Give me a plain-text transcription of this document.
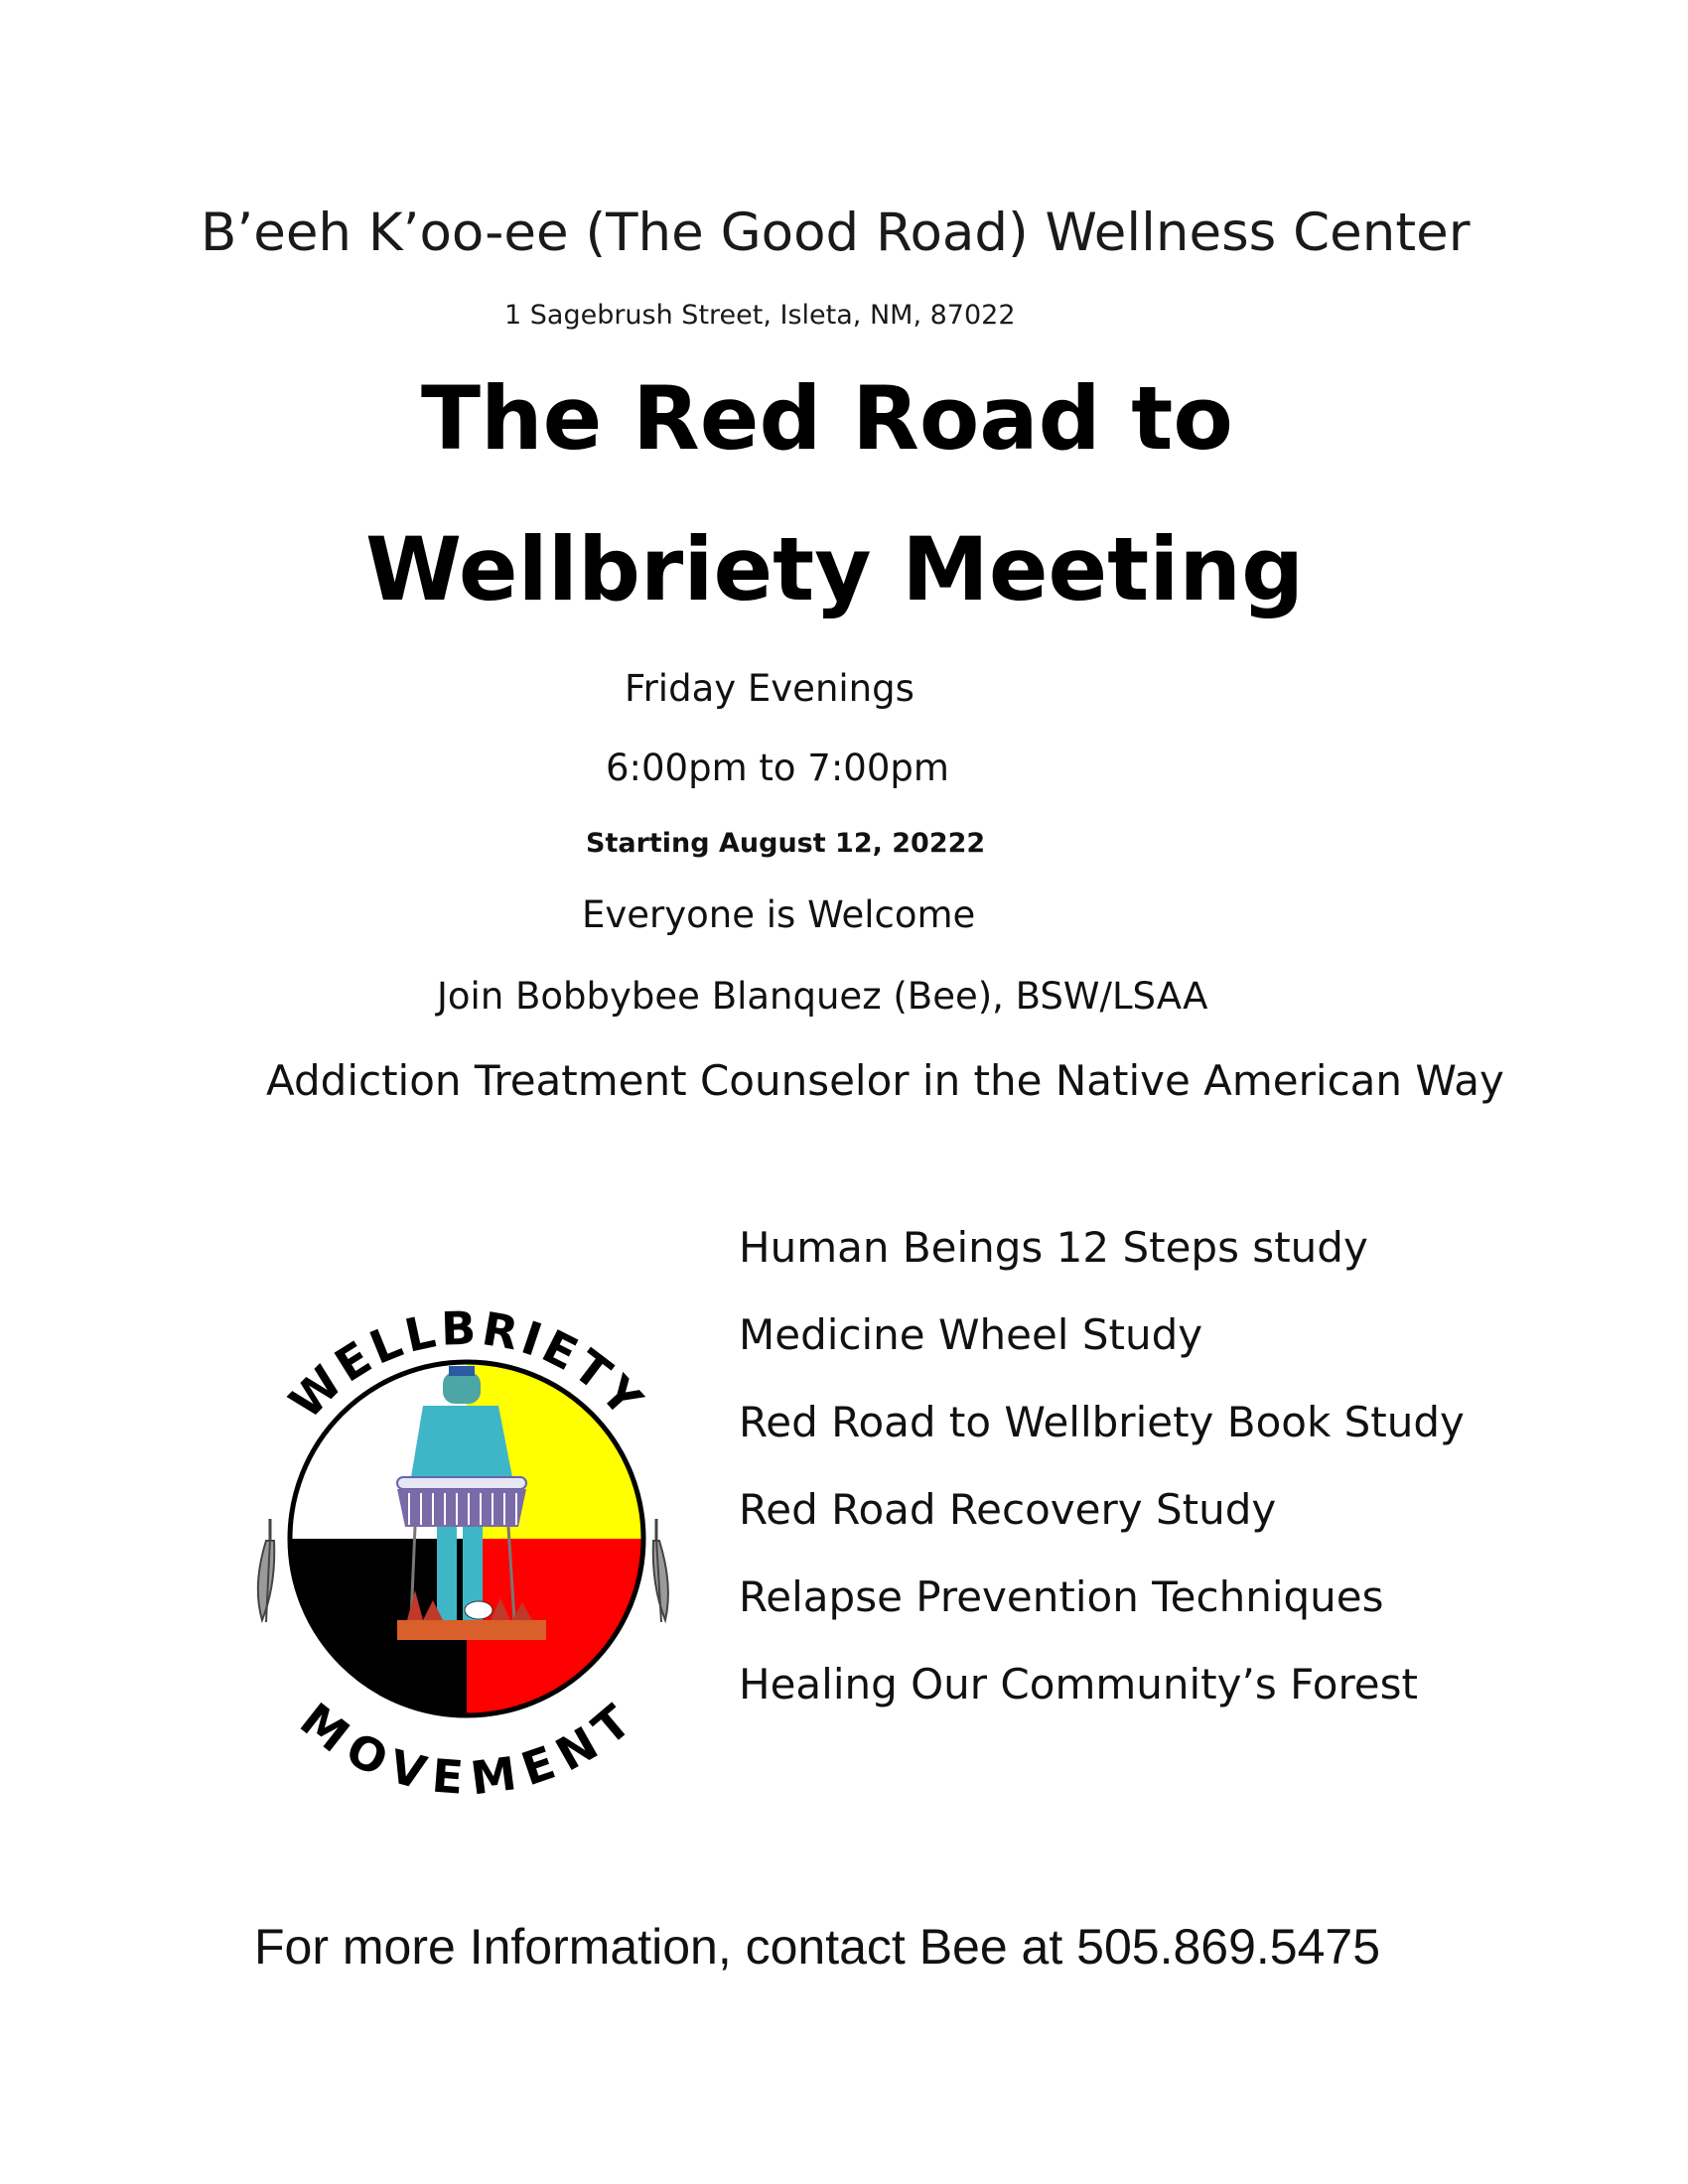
B’eeh K’oo-ee (The Good Road) Wellness Center
1 Sagebrush Street, Isleta, NM, 87022
The Red Road to
Wellbriety Meeting
Friday Evenings
6:00pm to 7:00pm
Starting August 12, 20222
Everyone is Welcome
Join Bobbybee Blanquez (Bee), BSW/LSAA
Addiction Treatment Counselor in the Native American Way
WELLBRIETY
MOVEMENT
Human Beings 12 Steps study
Medicine Wheel Study
Red Road to Wellbriety Book Study
Red Road Recovery Study
Relapse Prevention Techniques
Healing Our Community’s Forest
For more Information, contact Bee at 505.869.5475
